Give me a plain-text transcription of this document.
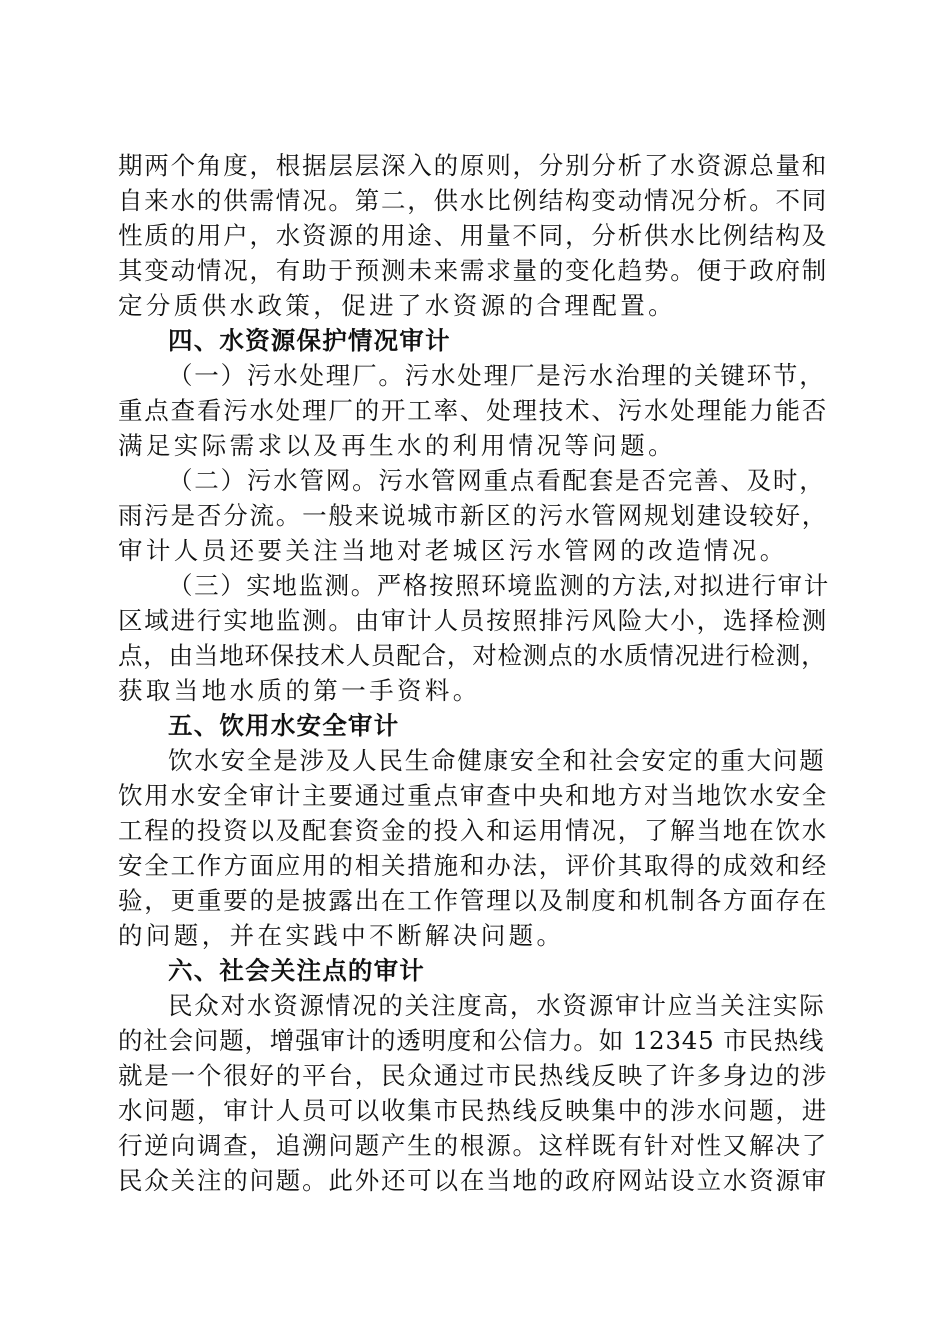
期两个角度，根据层层深入的原则，分别分析了水资源总量和
自来水的供需情况。第二，供水比例结构变动情况分析。不同
性质的用户，水资源的用途、用量不同，分析供水比例结构及
其变动情况，有助于预测未来需求量的变化趋势。便于政府制
定分质供水政策，促进了水资源的合理配置。
四、水资源保护情况审计
（一）污水处理厂。污水处理厂是污水治理的关键环节，
重点查看污水处理厂的开工率、处理技术、污水处理能力能否
满足实际需求以及再生水的利用情况等问题。
（二）污水管网。污水管网重点看配套是否完善、及时，
雨污是否分流。一般来说城市新区的污水管网规划建设较好，
审计人员还要关注当地对老城区污水管网的改造情况。
（三）实地监测。严格按照环境监测的方法,对拟进行审计
区域进行实地监测。由审计人员按照排污风险大小，选择检测
点，由当地环保技术人员配合，对检测点的水质情况进行检测，
获取当地水质的第一手资料。
五、饮用水安全审计
饮水安全是涉及人民生命健康安全和社会安定的重大问题
饮用水安全审计主要通过重点审查中央和地方对当地饮水安全
工程的投资以及配套资金的投入和运用情况，了解当地在饮水
安全工作方面应用的相关措施和办法，评价其取得的成效和经
验，更重要的是披露出在工作管理以及制度和机制各方面存在
的问题，并在实践中不断解决问题。
六、社会关注点的审计
民众对水资源情况的关注度高，水资源审计应当关注实际
的社会问题，增强审计的透明度和公信力。如 12345 市民热线
就是一个很好的平台，民众通过市民热线反映了许多身边的涉
水问题，审计人员可以收集市民热线反映集中的涉水问题，进
行逆向调查，追溯问题产生的根源。这样既有针对性又解决了
民众关注的问题。此外还可以在当地的政府网站设立水资源审
